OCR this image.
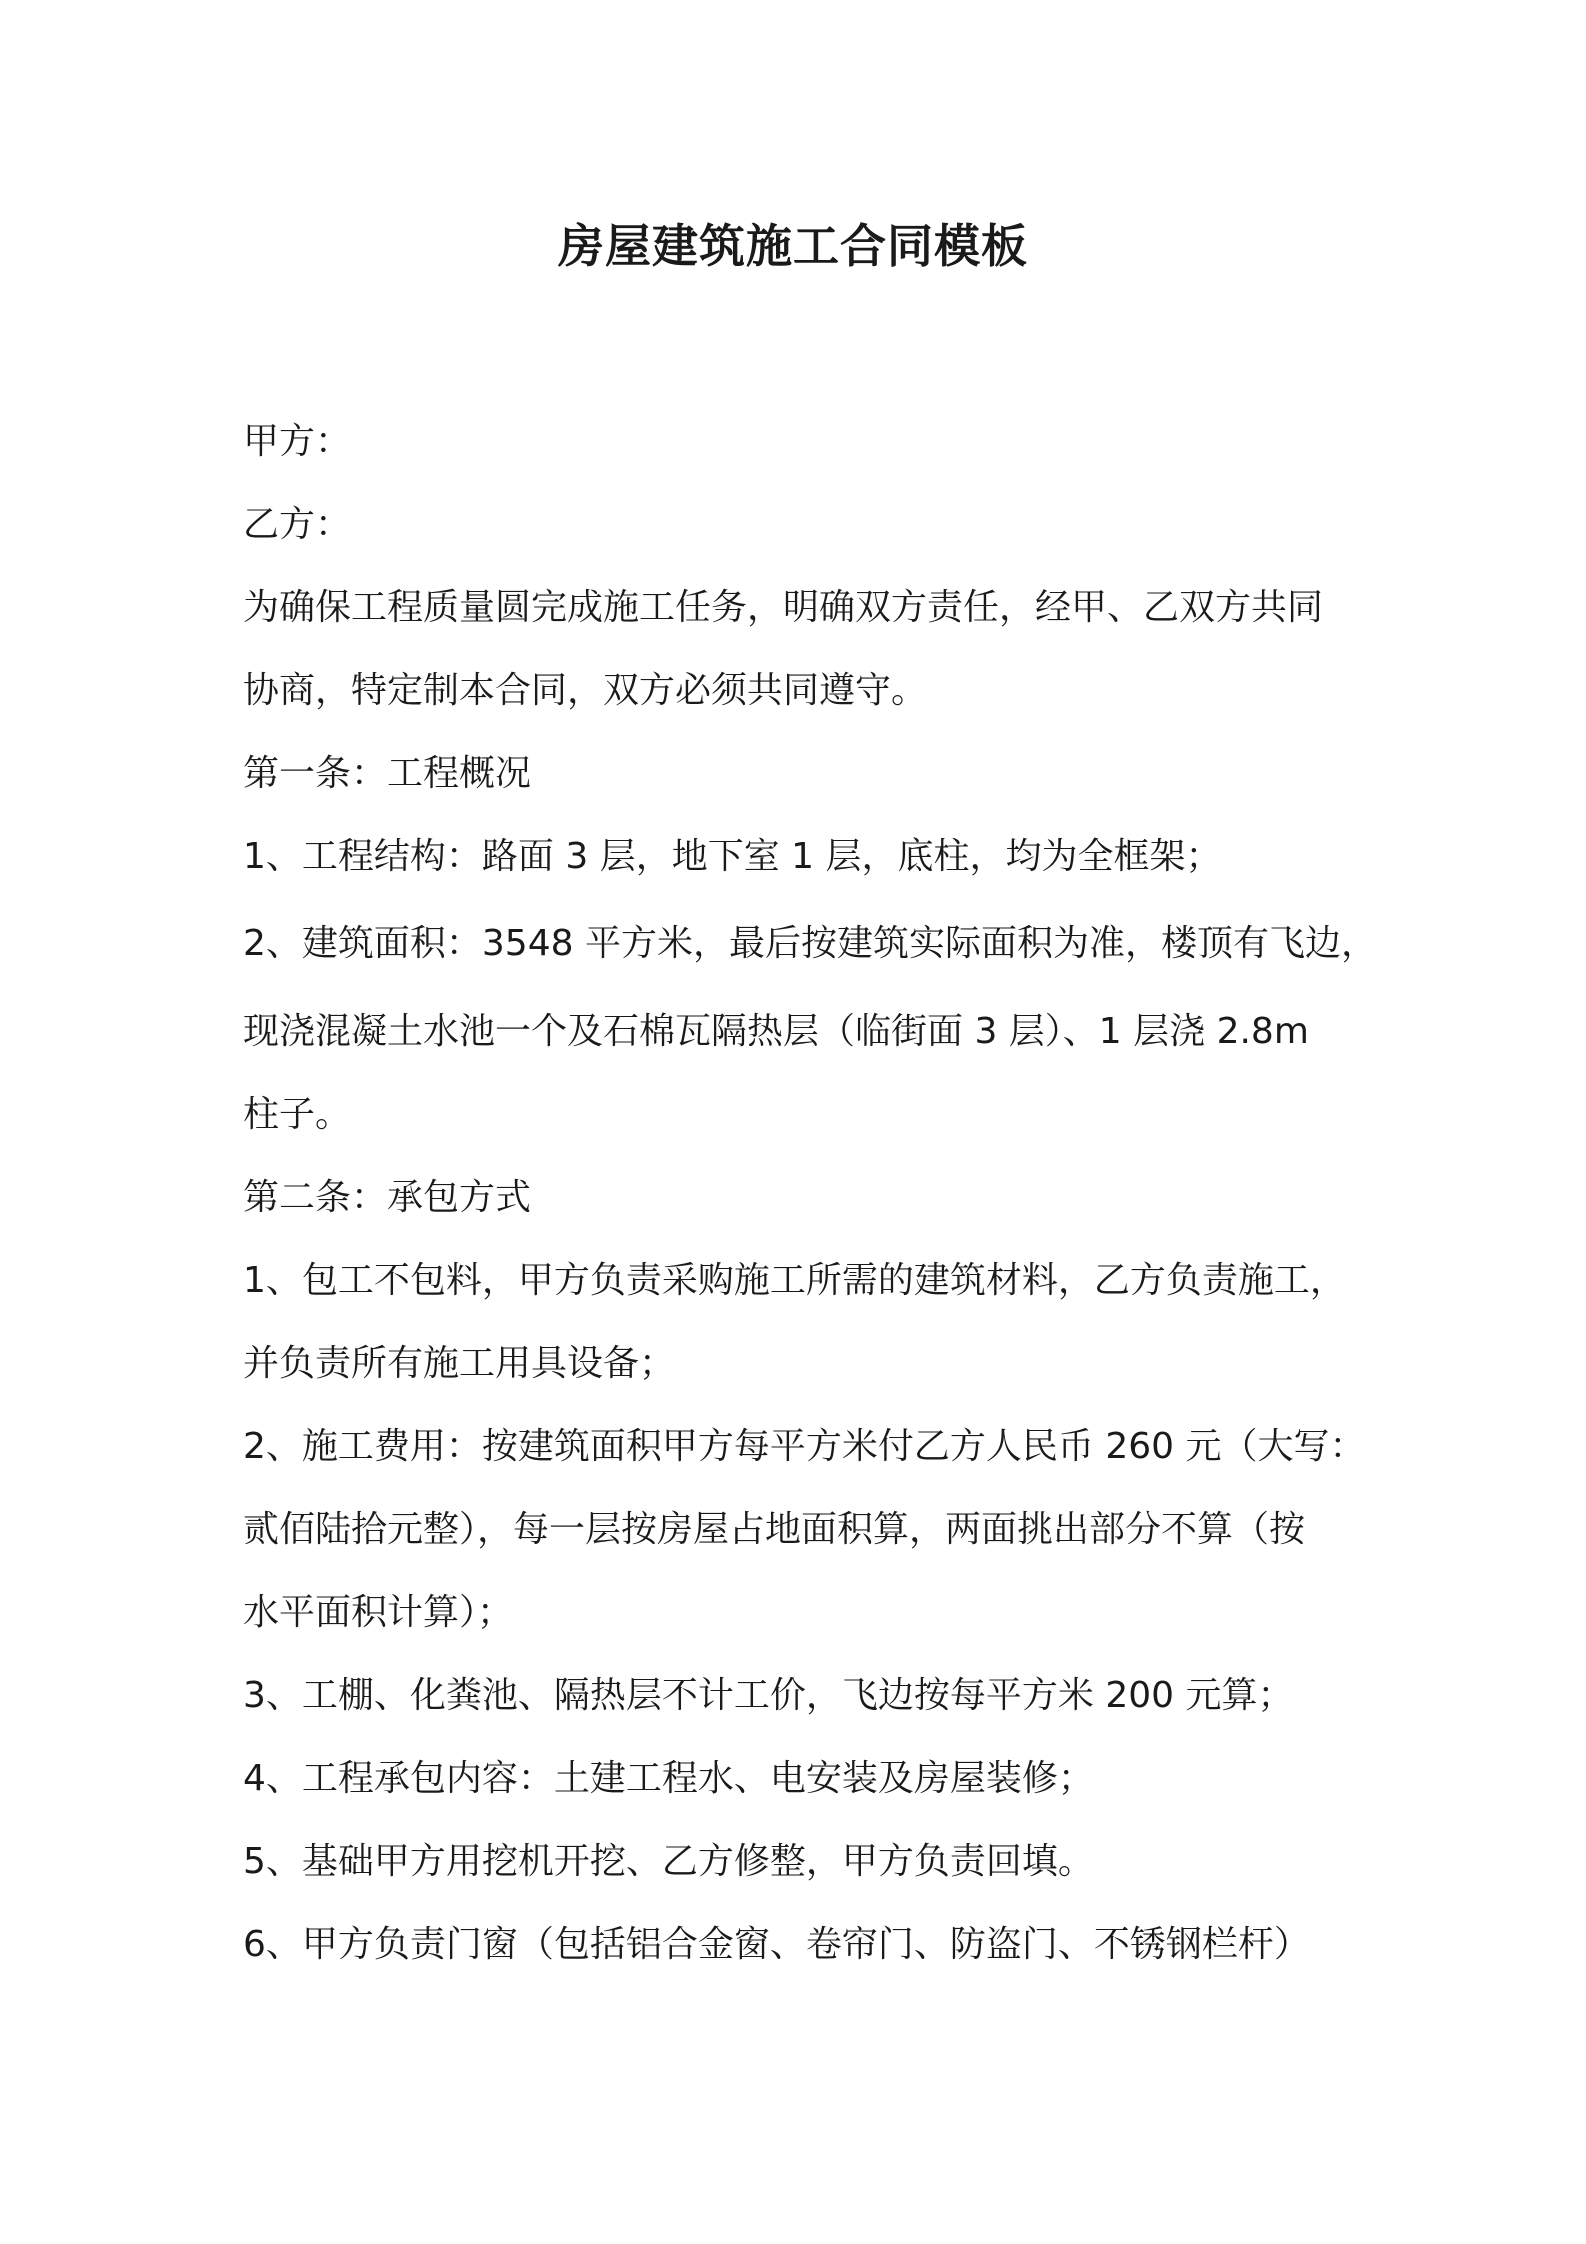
房屋建筑施工合同模板
甲方：
乙方：
为确保工程质量圆完成施工任务，明确双方责任，经甲、乙双方共同
协商，特定制本合同，双方必须共同遵守。
第一条：工程概况
1、工程结构：路面 3 层，地下室 1 层，底柱，均为全框架；
2、建筑面积：3548 平方米，最后按建筑实际面积为准，楼顶有飞边，
现浇混凝土水池一个及石棉瓦隔热层（临街面 3 层）、1 层浇 2.8m
柱子。
第二条：承包方式
1、包工不包料，甲方负责采购施工所需的建筑材料，乙方负责施工，
并负责所有施工用具设备；
2、施工费用：按建筑面积甲方每平方米付乙方人民币 260 元（大写：
贰佰陆拾元整），每一层按房屋占地面积算，两面挑出部分不算（按
水平面积计算）；
3、工棚、化粪池、隔热层不计工价，飞边按每平方米 200 元算；
4、工程承包内容：土建工程水、电安装及房屋装修；
5、基础甲方用挖机开挖、乙方修整，甲方负责回填。
6、甲方负责门窗（包括铝合金窗、卷帘门、防盗门、不锈钢栏杆）
